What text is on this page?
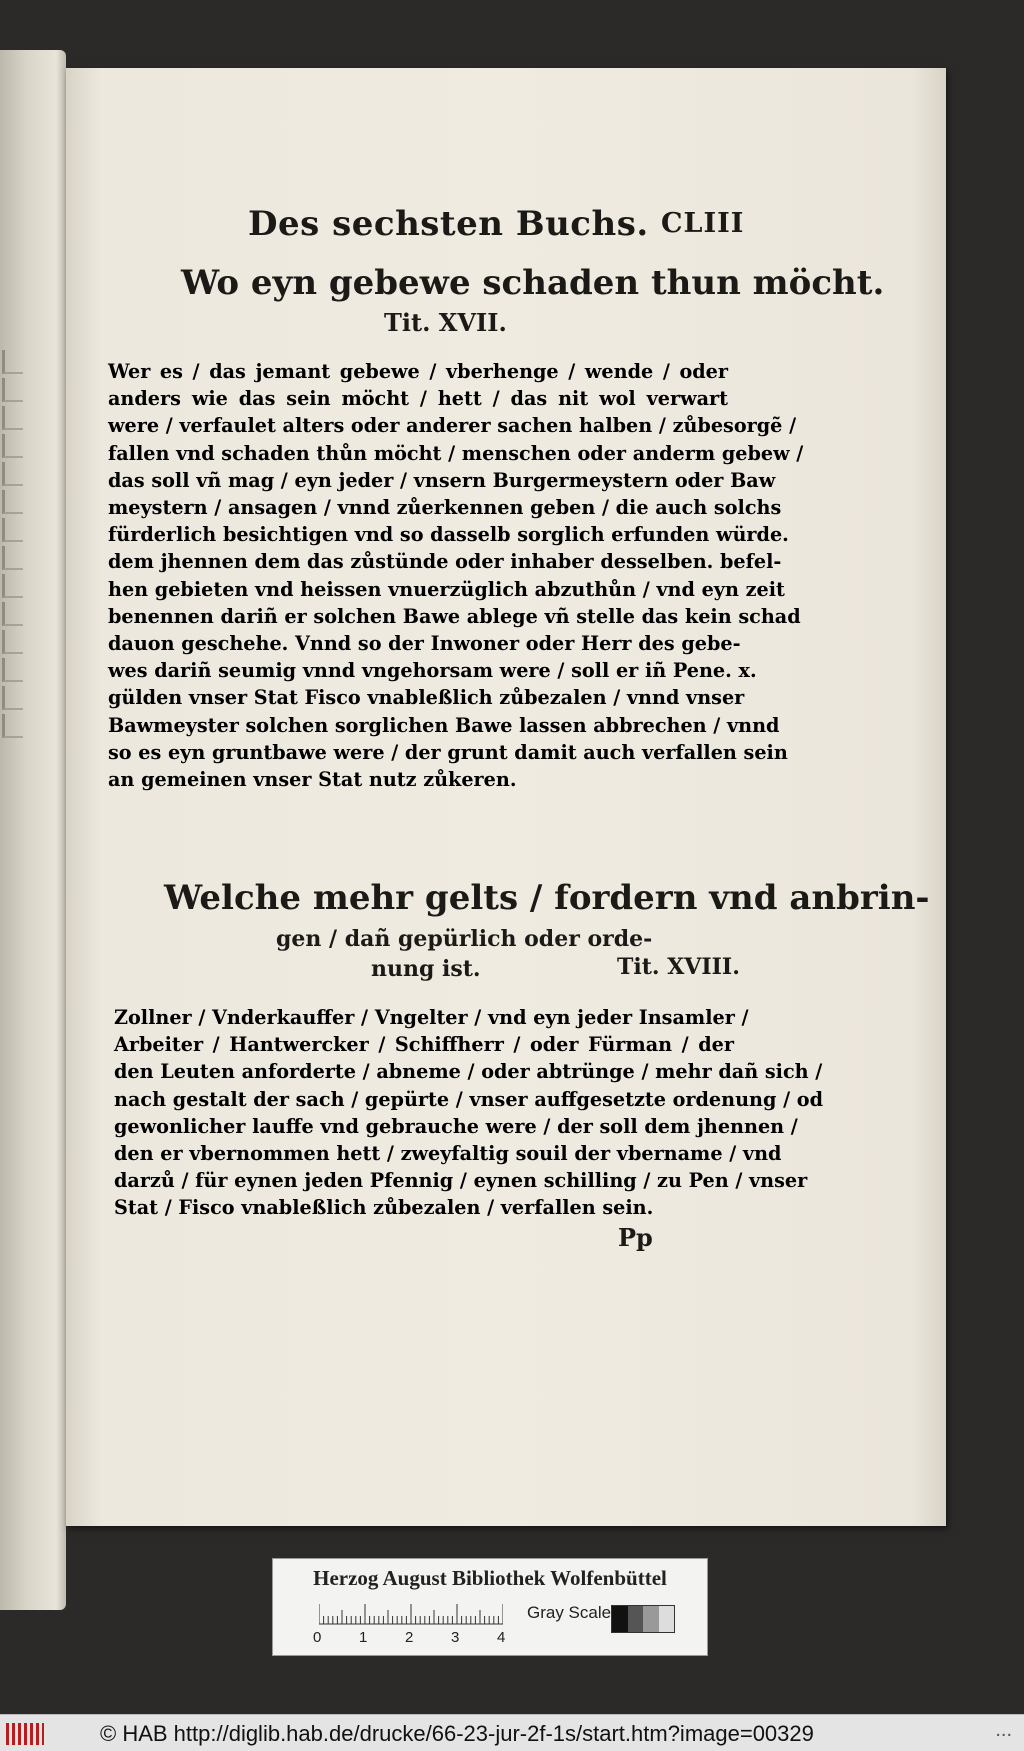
Des sechsten Buchs. CLIII
Wo eyn gebewe schaden thun möcht.
Tit. XVII.
Wer es / das jemant gebewe / vberhenge / wende / oder
anders wie das sein möcht / hett / das nit wol verwart
were / verfaulet alters oder anderer sachen halben / zůbesorgẽ /
fallen vnd schaden thůn möcht / menschen oder anderm gebew /
das soll vñ mag / eyn jeder / vnsern Burgermeystern oder Baw
meystern / ansagen / vnnd zůerkennen geben / die auch solchs
fürderlich besichtigen vnd so dasselb sorglich erfunden würde.
dem jhennen dem das zůstünde oder inhaber desselben. befel-
hen gebieten vnd heissen vnuerzüglich abzuthůn / vnd eyn zeit
benennen dariñ er solchen Bawe ablege vñ stelle das kein schad
dauon geschehe. Vnnd so der Inwoner oder Herr des gebe-
wes dariñ seumig vnnd vngehorsam were / soll er iñ Pene. x.
gülden vnser Stat Fisco vnableßlich zůbezalen / vnnd vnser
Bawmeyster solchen sorglichen Bawe lassen abbrechen / vnnd
so es eyn gruntbawe were / der grunt damit auch verfallen sein
an gemeinen vnser Stat nutz zůkeren.
Welche mehr gelts / fordern vnd anbrin-
gen / dañ gepürlich oder orde-
nung ist.	Tit. XVIII.
Zollner / Vnderkauffer / Vngelter / vnd eyn jeder Insamler /
Arbeiter / Hantwercker / Schiffherr / oder Fürman / der
den Leuten anforderte / abneme / oder abtrünge / mehr dañ sich /
nach gestalt der sach / gepürte / vnser auffgesetzte ordenung / od
gewonlicher lauffe vnd gebrauche were / der soll dem jhennen /
den er vbernommen hett / zweyfaltig souil der vbername / vnd
darzů / für eynen jeden Pfennig / eynen schilling / zu Pen / vnser
Stat / Fisco vnableßlich zůbezalen / verfallen sein.
Pp
Herzog August Bibliothek Wolfenbüttel
0	1	2	3	4
Gray Scale
© HAB http://diglib.hab.de/drucke/66-23-jur-2f-1s/start.htm?image=00329	...
